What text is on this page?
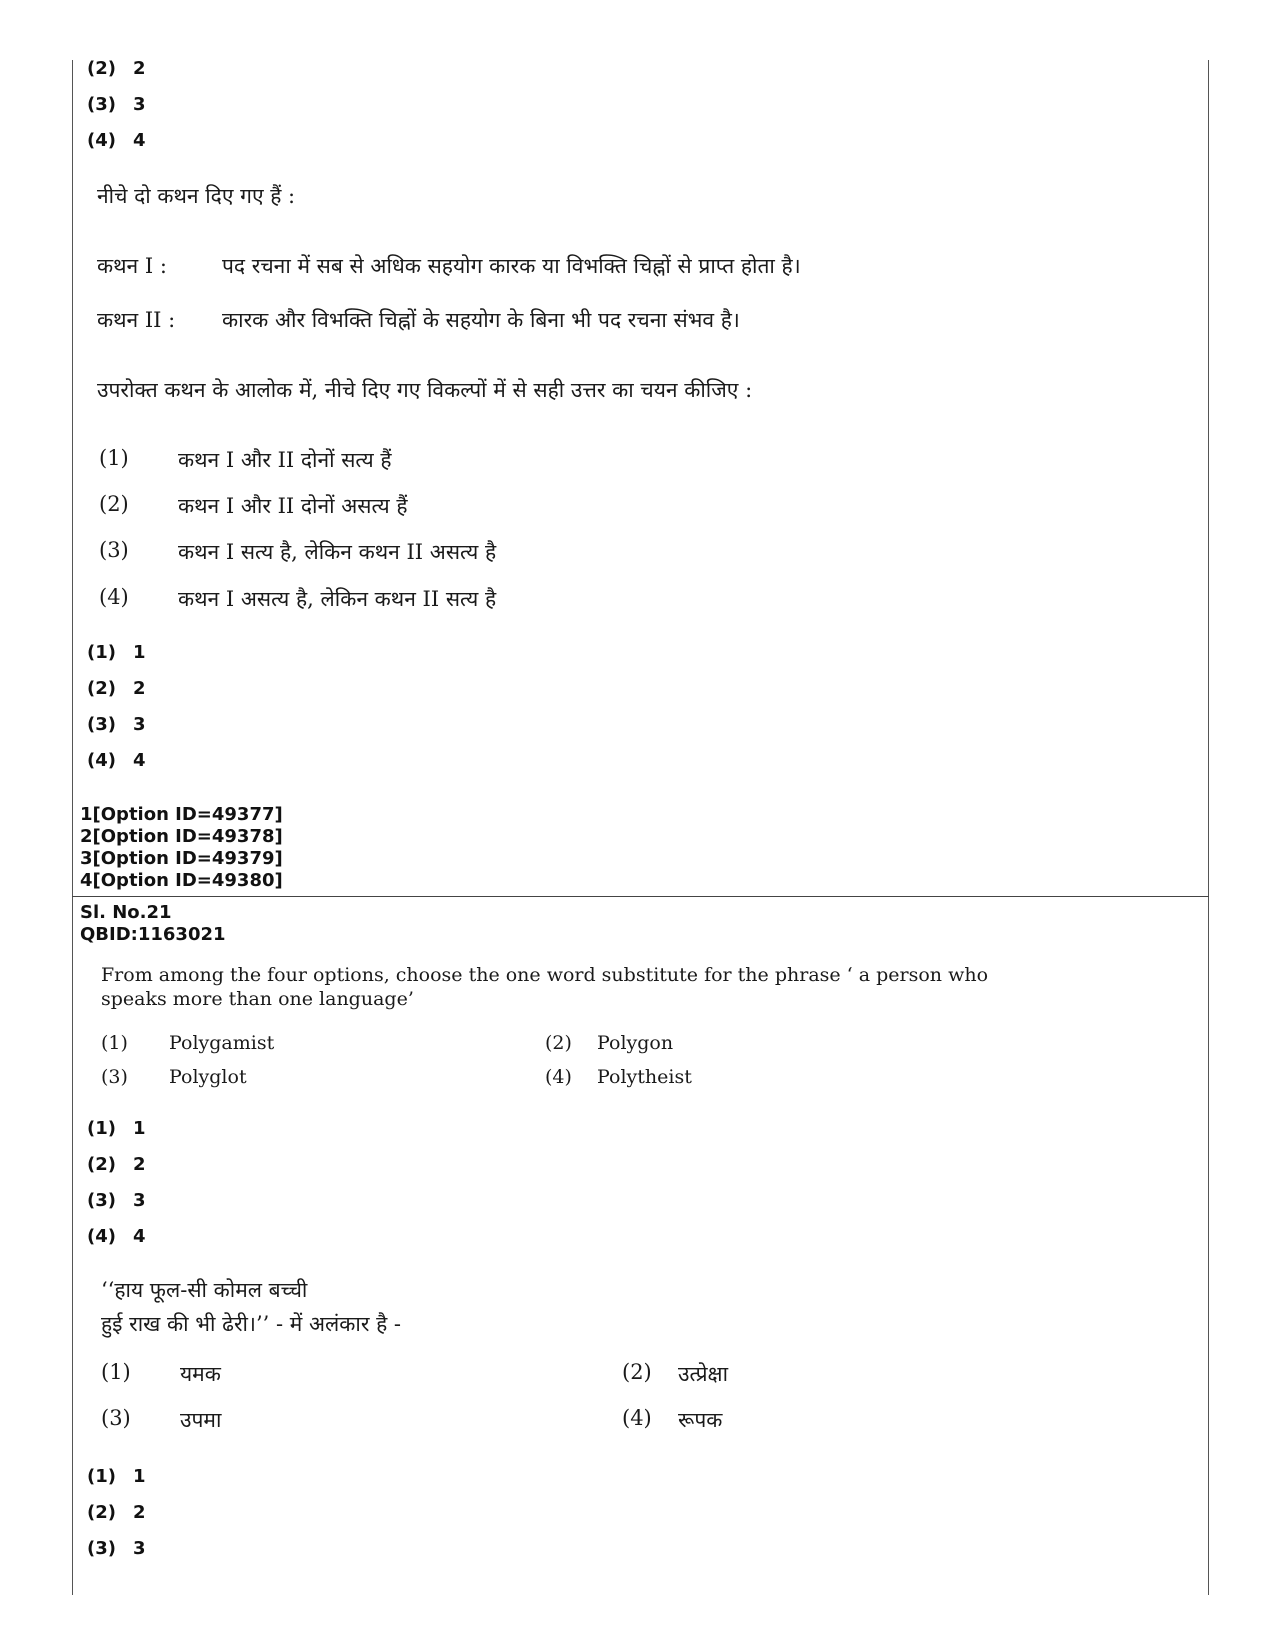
(2) 2
(3) 3
(4) 4
नीचे दो कथन दिए गए हैं :
कथन I :	पद रचना में सब से अधिक सहयोग कारक या विभक्ति चिह्नों से प्राप्त होता है।
कथन II : कारक और विभक्ति चिह्नों के सहयोग के बिना भी पद रचना संभव है।
उपरोक्त कथन के आलोक में, नीचे दिए गए विकल्पों में से सही उत्तर का चयन कीजिए :
(1) कथन I और II दोनों सत्य हैं
(2) कथन I और II दोनों असत्य हैं
(3) कथन I सत्य है, लेकिन कथन II असत्य है
(4) कथन I असत्य है, लेकिन कथन II सत्य है
(1) 1
(2) 2
(3) 3
(4) 4
1[Option ID=49377]
2[Option ID=49378]
3[Option ID=49379]
4[Option ID=49380]
Sl. No.21
QBID:1163021
From among the four options, choose the one word substitute for the phrase ‘ a person who
speaks more than one language’
(1) Polygamist	(2) Polygon
(3) Polyglot	(4) Polytheist
(1) 1
(2) 2
(3) 3
(4) 4
‘‘हाय फूल-सी कोमल बच्ची
हुई राख की भी ढेरी।’’ - में अलंकार है -
(1) यमक	(2) उत्प्रेक्षा
(3) उपमा	(4) रूपक
(1) 1
(2) 2
(3) 3
